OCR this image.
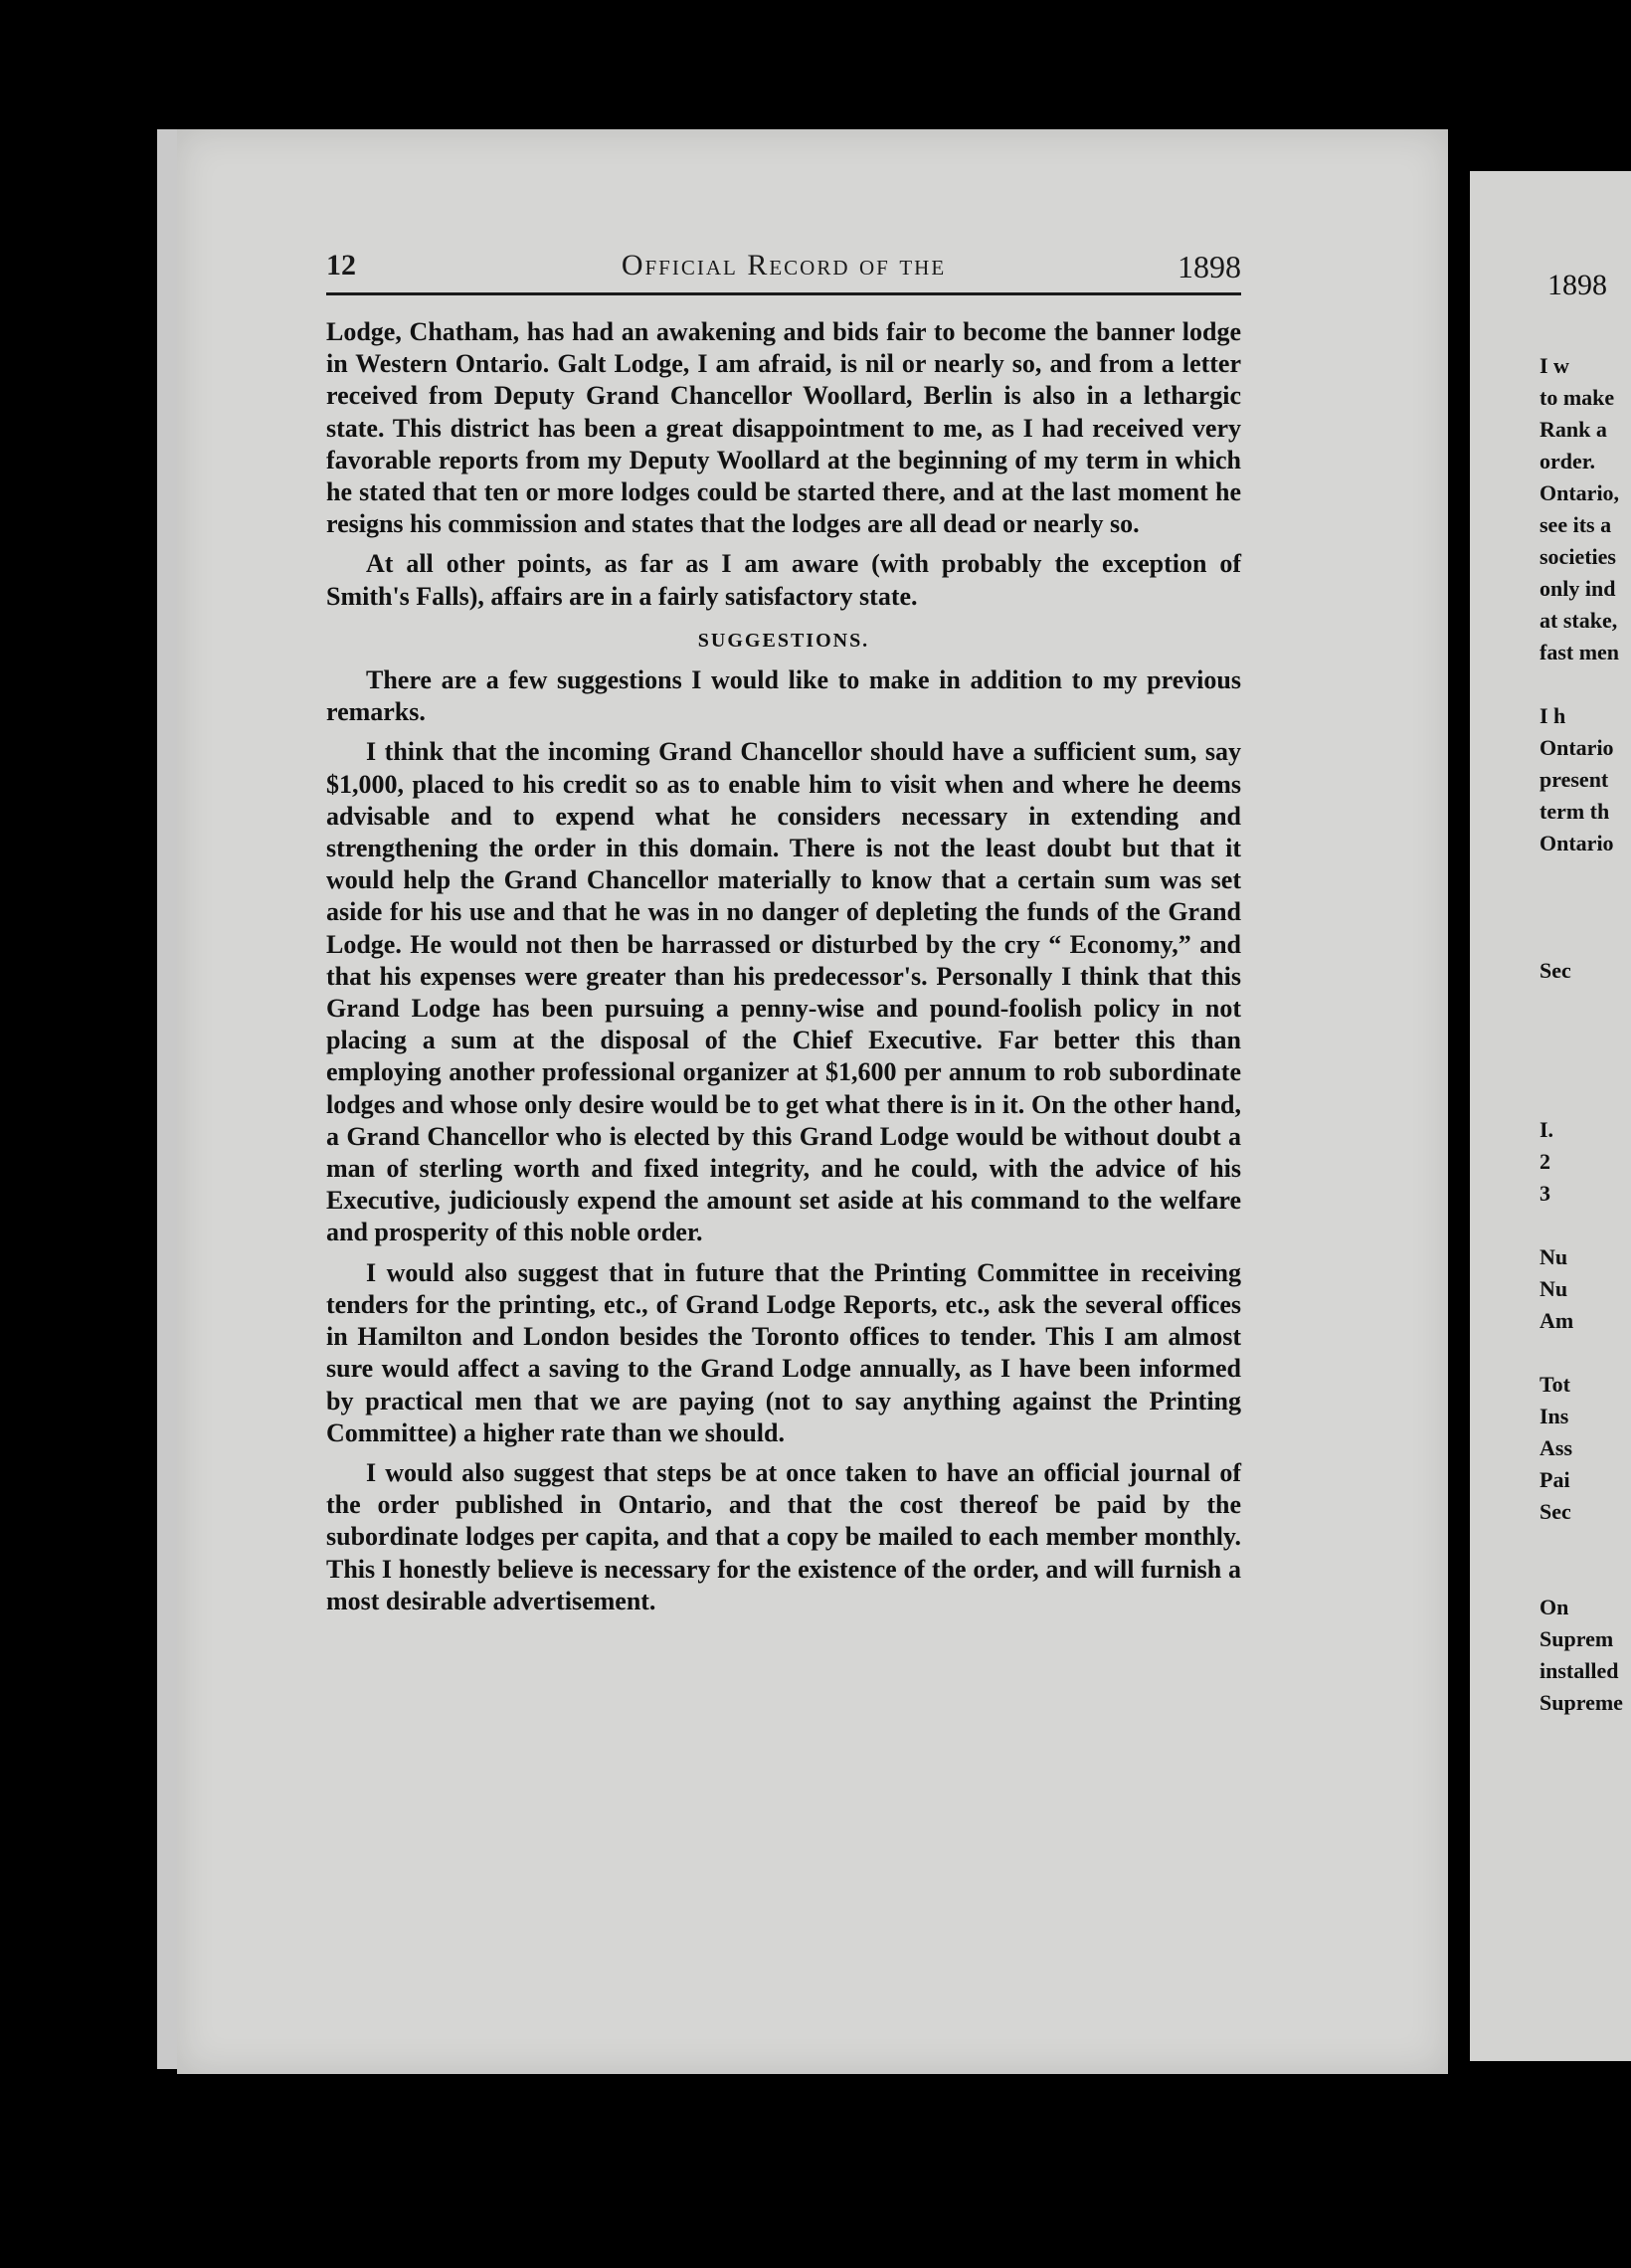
12	Official Record of the	1898

Lodge, Chatham, has had an awakening and bids fair to become the banner lodge in Western Ontario. Galt Lodge, I am afraid, is nil or nearly so, and from a letter received from Deputy Grand Chancellor Woollard, Berlin is also in a lethargic state. This district has been a great disappointment to me, as I had received very favorable reports from my Deputy Woollard at the beginning of my term in which he stated that ten or more lodges could be started there, and at the last moment he resigns his commission and states that the lodges are all dead or nearly so.

At all other points, as far as I am aware (with probably the exception of Smith's Falls), affairs are in a fairly satisfactory state.

SUGGESTIONS.

There are a few suggestions I would like to make in addition to my previous remarks.

I think that the incoming Grand Chancellor should have a sufficient sum, say $1,000, placed to his credit so as to enable him to visit when and where he deems advisable and to expend what he considers necessary in extending and strengthening the order in this domain. There is not the least doubt but that it would help the Grand Chancellor materially to know that a certain sum was set aside for his use and that he was in no danger of depleting the funds of the Grand Lodge. He would not then be harrassed or disturbed by the cry “ Economy,” and that his expenses were greater than his predecessor's. Personally I think that this Grand Lodge has been pursuing a penny-wise and pound-foolish policy in not placing a sum at the disposal of the Chief Executive. Far better this than employing another professional organizer at $1,600 per annum to rob subordinate lodges and whose only desire would be to get what there is in it. On the other hand, a Grand Chancellor who is elected by this Grand Lodge would be without doubt a man of sterling worth and fixed integrity, and he could, with the advice of his Executive, judiciously expend the amount set aside at his command to the welfare and prosperity of this noble order.

I would also suggest that in future that the Printing Committee in receiving tenders for the printing, etc., of Grand Lodge Reports, etc., ask the several offices in Hamilton and London besides the Toronto offices to tender. This I am almost sure would affect a saving to the Grand Lodge annually, as I have been informed by practical men that we are paying (not to say anything against the Printing Committee) a higher rate than we should.

I would also suggest that steps be at once taken to have an official journal of the order published in Ontario, and that the cost thereof be paid by the subordinate lodges per capita, and that a copy be mailed to each member monthly. This I honestly believe is necessary for the existence of the order, and will furnish a most desirable advertisement.

1898
I w
to make
Rank a
order.
Ontario,
see its a
societies
only ind
at stake,
fast men

I h
Ontario
present
term th
Ontario

Sec

I.
2
3

Nu
Nu
Am

Tot
Ins
Ass
Pai
Sec

On
Suprem
installed
Supreme
